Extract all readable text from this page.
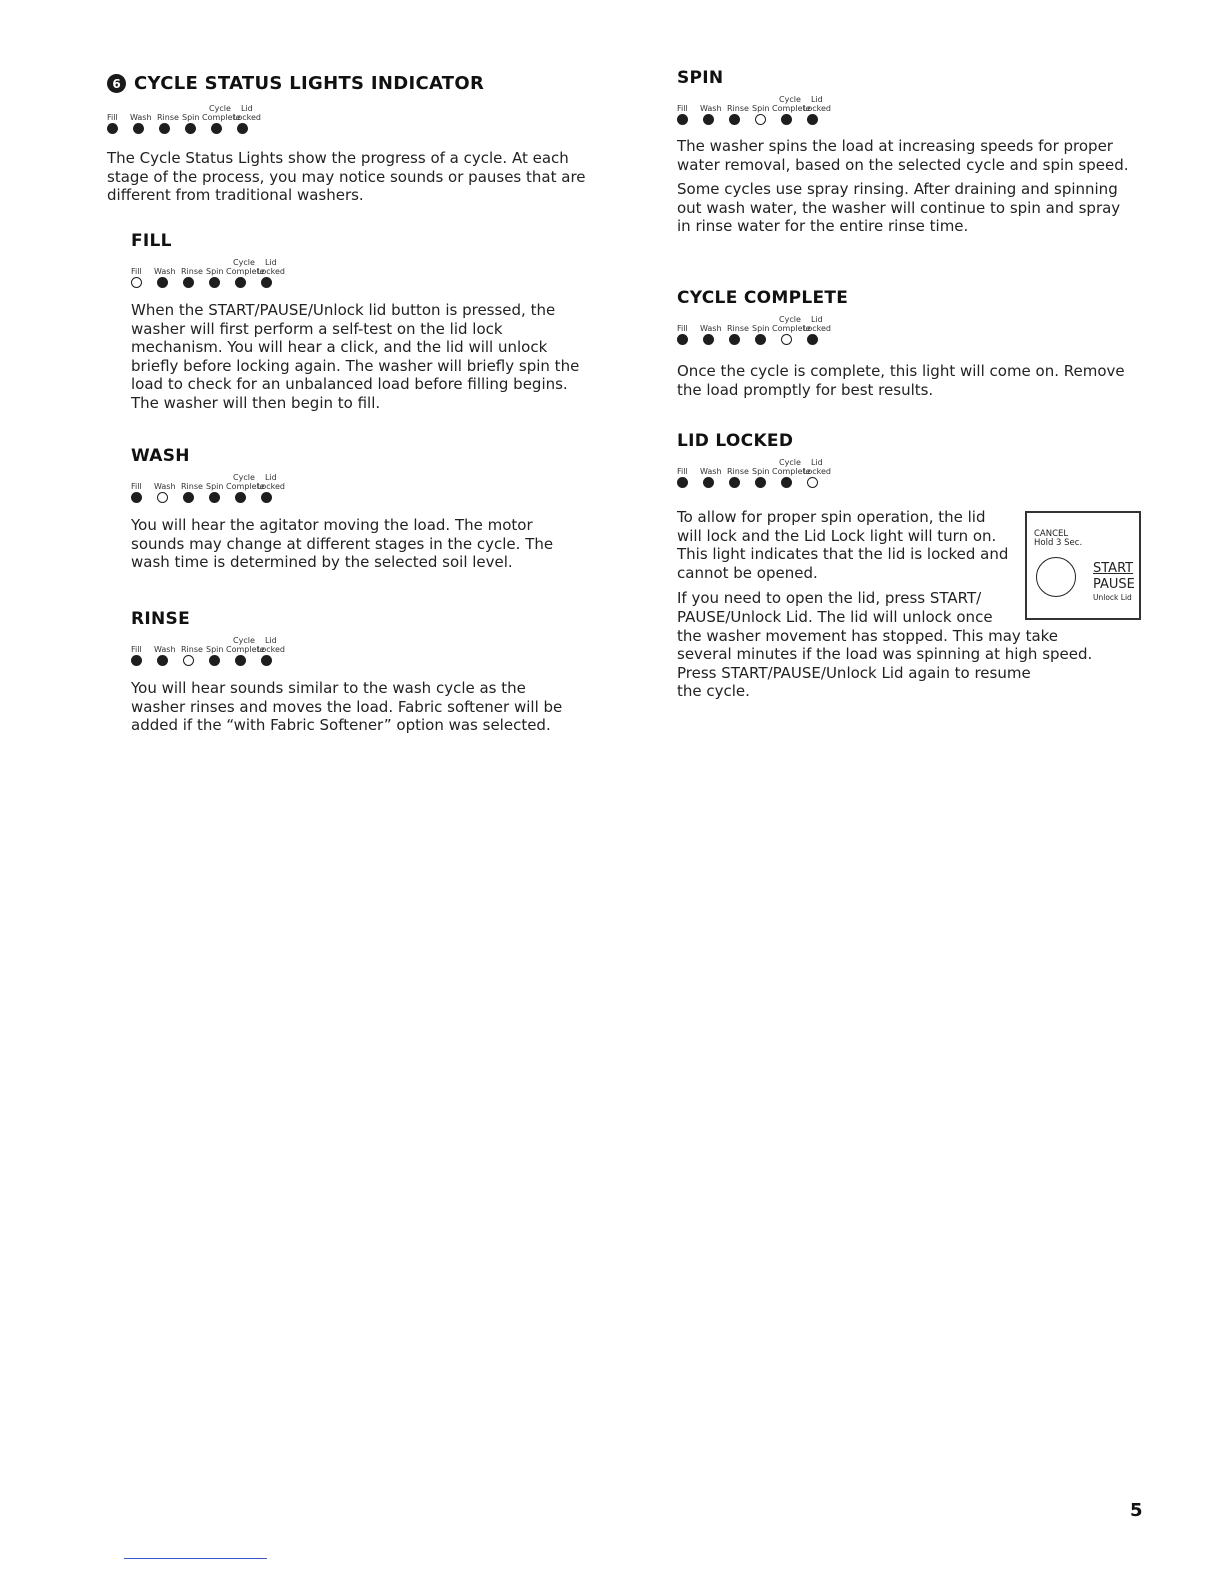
6 CYCLE STATUS LIGHTS INDICATOR
Fill Wash Rinse Spin
Cycle
Complete
Lid
Locked

The Cycle Status Lights show the progress of a cycle. At each stage of the process, you may notice sounds or pauses that are different from traditional washers.

FILL
Fill Wash Rinse Spin
Cycle
Complete
Lid
Locked

When the START/PAUSE/Unlock lid button is pressed, the washer will first perform a self-test on the lid lock mechanism. You will hear a click, and the lid will unlock briefly before locking again. The washer will briefly spin the load to check for an unbalanced load before filling begins. The washer will then begin to fill.

WASH
Fill Wash Rinse Spin
Cycle
Complete
Lid
Locked

You will hear the agitator moving the load. The motor sounds may change at different stages in the cycle. The wash time is determined by the selected soil level.

RINSE
Fill Wash Rinse Spin
Cycle
Complete
Lid
Locked

You will hear sounds similar to the wash cycle as the washer rinses and moves the load. Fabric softener will be added if the “with Fabric Softener” option was selected.

SPIN
Fill Wash Rinse Spin
Cycle
Complete
Lid
Locked

The washer spins the load at increasing speeds for proper water removal, based on the selected cycle and spin speed.

Some cycles use spray rinsing. After draining and spinning out wash water, the washer will continue to spin and spray in rinse water for the entire rinse time.

CYCLE COMPLETE
Fill Wash Rinse Spin
Cycle
Complete
Lid
Locked

Once the cycle is complete, this light will come on. Remove the load promptly for best results.

LID LOCKED
Fill Wash Rinse Spin
Cycle
Complete
Lid
Locked
To allow for proper spin operation, the lid
will lock and the Lid Lock light will turn on.
This light indicates that the lid is locked and
cannot be opened.
If you need to open the lid, press START/
PAUSE/Unlock Lid. The lid will unlock once
the washer movement has stopped. This may take
several minutes if the load was spinning at high speed.
Press START/PAUSE/Unlock Lid again to resume
the cycle.
CANCEL
Hold 3 Sec.
START
PAUSE
Unlock Lid
5
